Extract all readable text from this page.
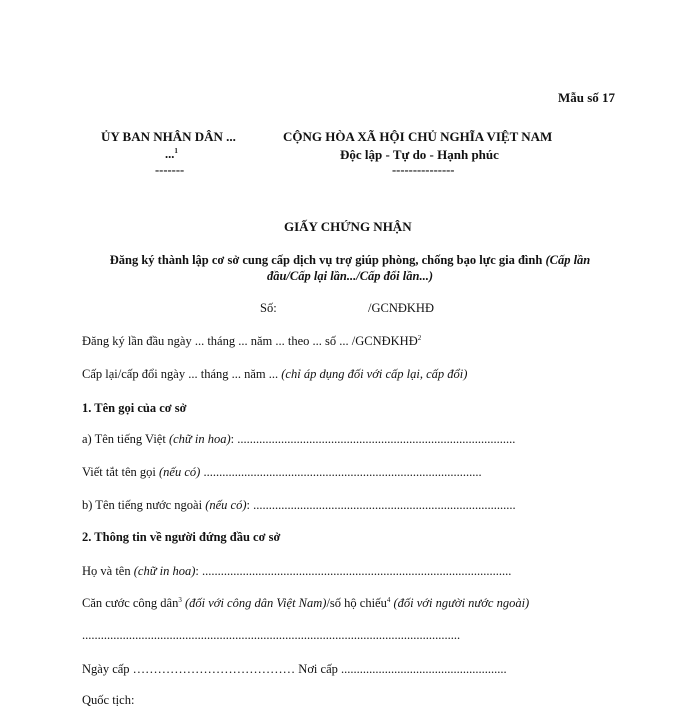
Mẫu số 17
ỦY BAN NHÂN DÂN ...
...$^1$
-------
CỘNG HÒA XÃ HỘI CHỦ NGHĨA VIỆT NAM
Độc lập - Tự do - Hạnh phúc
---------------
GIẤY CHỨNG NHẬN
Đăng ký thành lập cơ sở cung cấp dịch vụ trợ giúp phòng, chống bạo lực gia đình (Cấp lần
đầu/Cấp lại lần.../Cấp đổi lần...)
Số:	/GCNĐKHĐ
Đăng ký lần đầu ngày ... tháng ... năm ... theo ... số ... /GCNĐKHĐ$^2$
Cấp lại/cấp đổi ngày ... tháng ... năm ... (chỉ áp dụng đối với cấp lại, cấp đổi)
1. Tên gọi của cơ sở
a) Tên tiếng Việt (chữ in hoa): .........................................................................................
Viết tắt tên gọi (nếu có) .........................................................................................
b) Tên tiếng nước ngoài (nếu có): ....................................................................................
2. Thông tin về người đứng đầu cơ sở
Họ và tên (chữ in hoa): ...................................................................................................
Căn cước công dân$^3$ (đối với công dân Việt Nam)/số hộ chiếu$^4$ (đối với người nước ngoài)
.........................................................................................................................
Ngày cấp ………………………………… Nơi cấp .....................................................
Quốc tịch:
